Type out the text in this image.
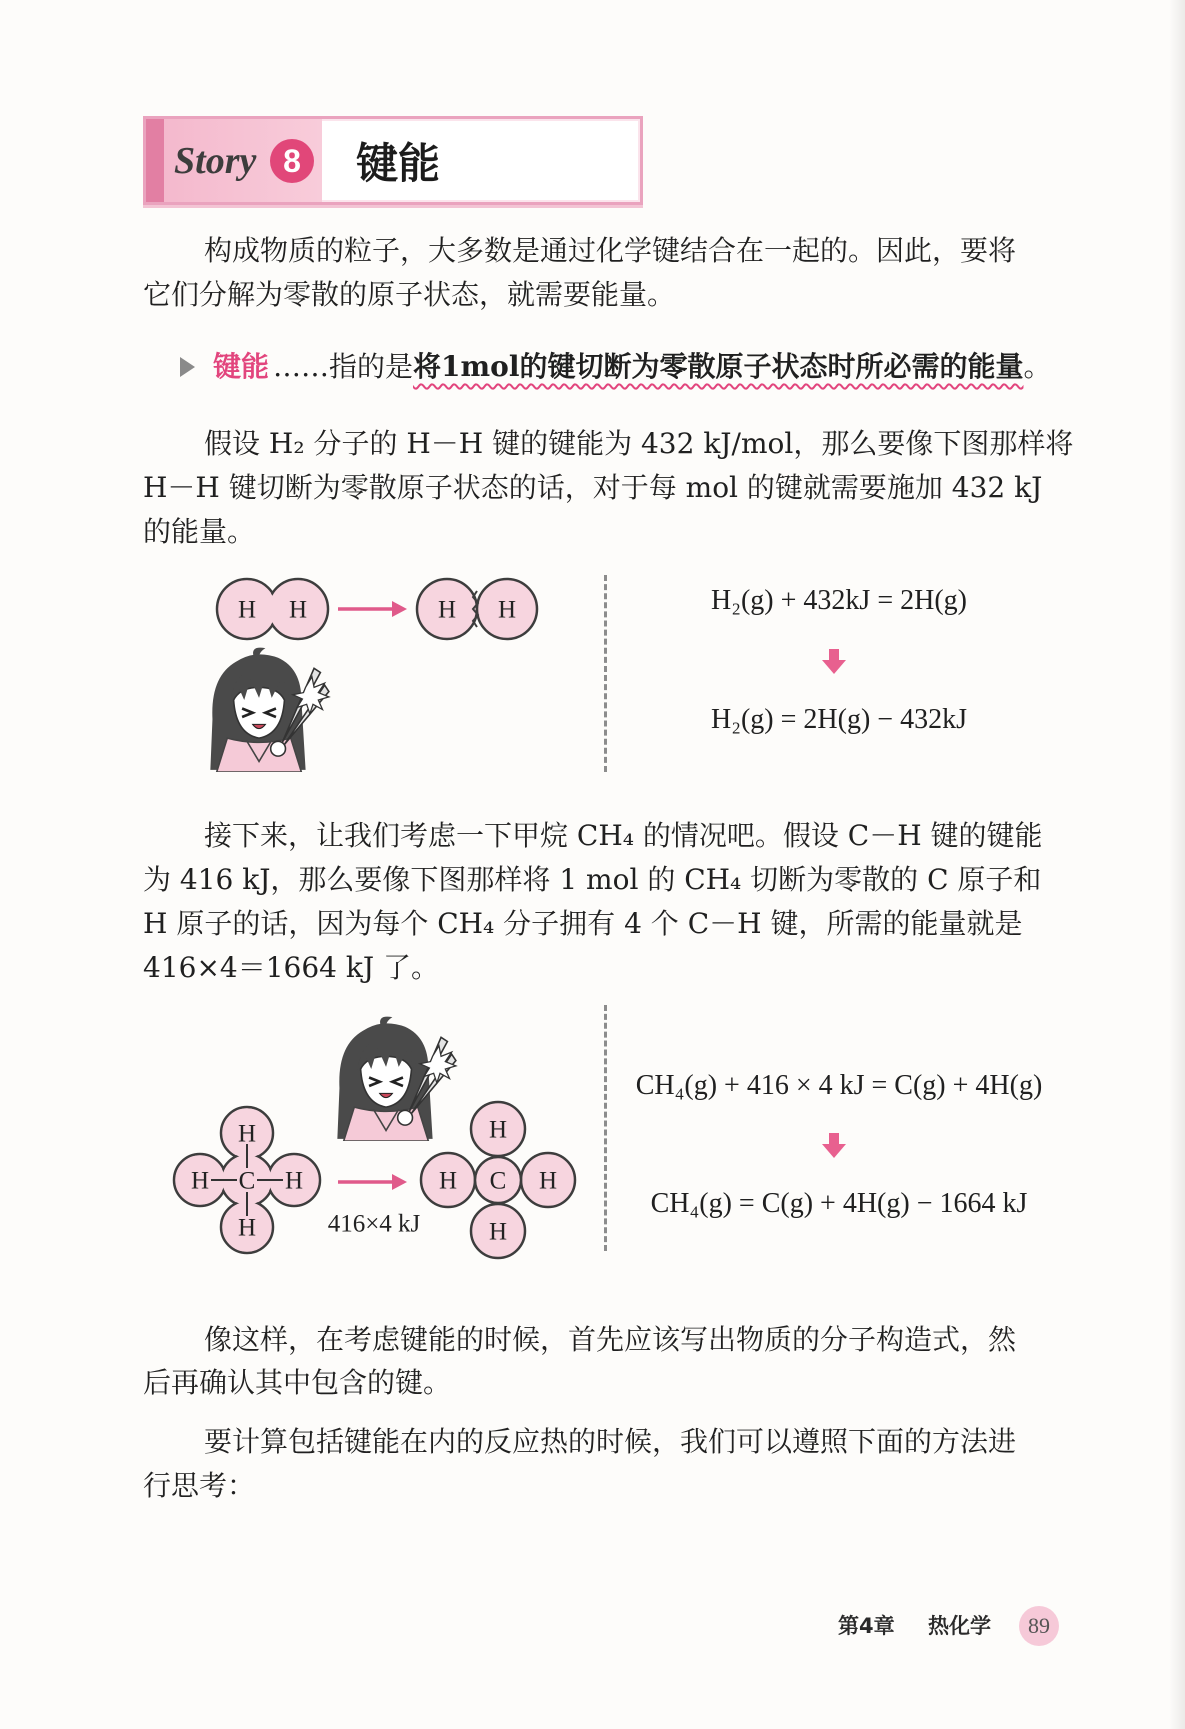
Story 8	键能
构成物质的粒子，大多数是通过化学键结合在一起的。因此，要将
它们分解为零散的原子状态，就需要能量。
键能 ……指的是 将1mol的键切断为零散原子状态时所必需的能量 。
假设 H₂ 分子的 H－H 键的键能为 432 kJ/mol，那么要像下图那样将
H－H 键切断为零散原子状态的话，对于每 mol 的键就需要施加 432 kJ
的能量。
H H	H H	H₂(g) + 432kJ = 2H(g)
H₂(g) = 2H(g) − 432kJ
接下来，让我们考虑一下甲烷 CH₄ 的情况吧。假设 C－H 键的键能
为 416 kJ，那么要像下图那样将 1 mol 的 CH₄ 切断为零散的 C 原子和
H 原子的话，因为每个 CH₄ 分子拥有 4 个 C－H 键，所需的能量就是
416×4＝1664 kJ 了。
H
H C H
H	416×4 kJ
H
H C H
H
CH₄(g) + 416 × 4 kJ = C(g) + 4H(g)
CH₄(g) = C(g) + 4H(g) − 1664 kJ
像这样，在考虑键能的时候，首先应该写出物质的分子构造式，然
后再确认其中包含的键。
要计算包括键能在内的反应热的时候，我们可以遵照下面的方法进
行思考：
第4章 热化学	89
